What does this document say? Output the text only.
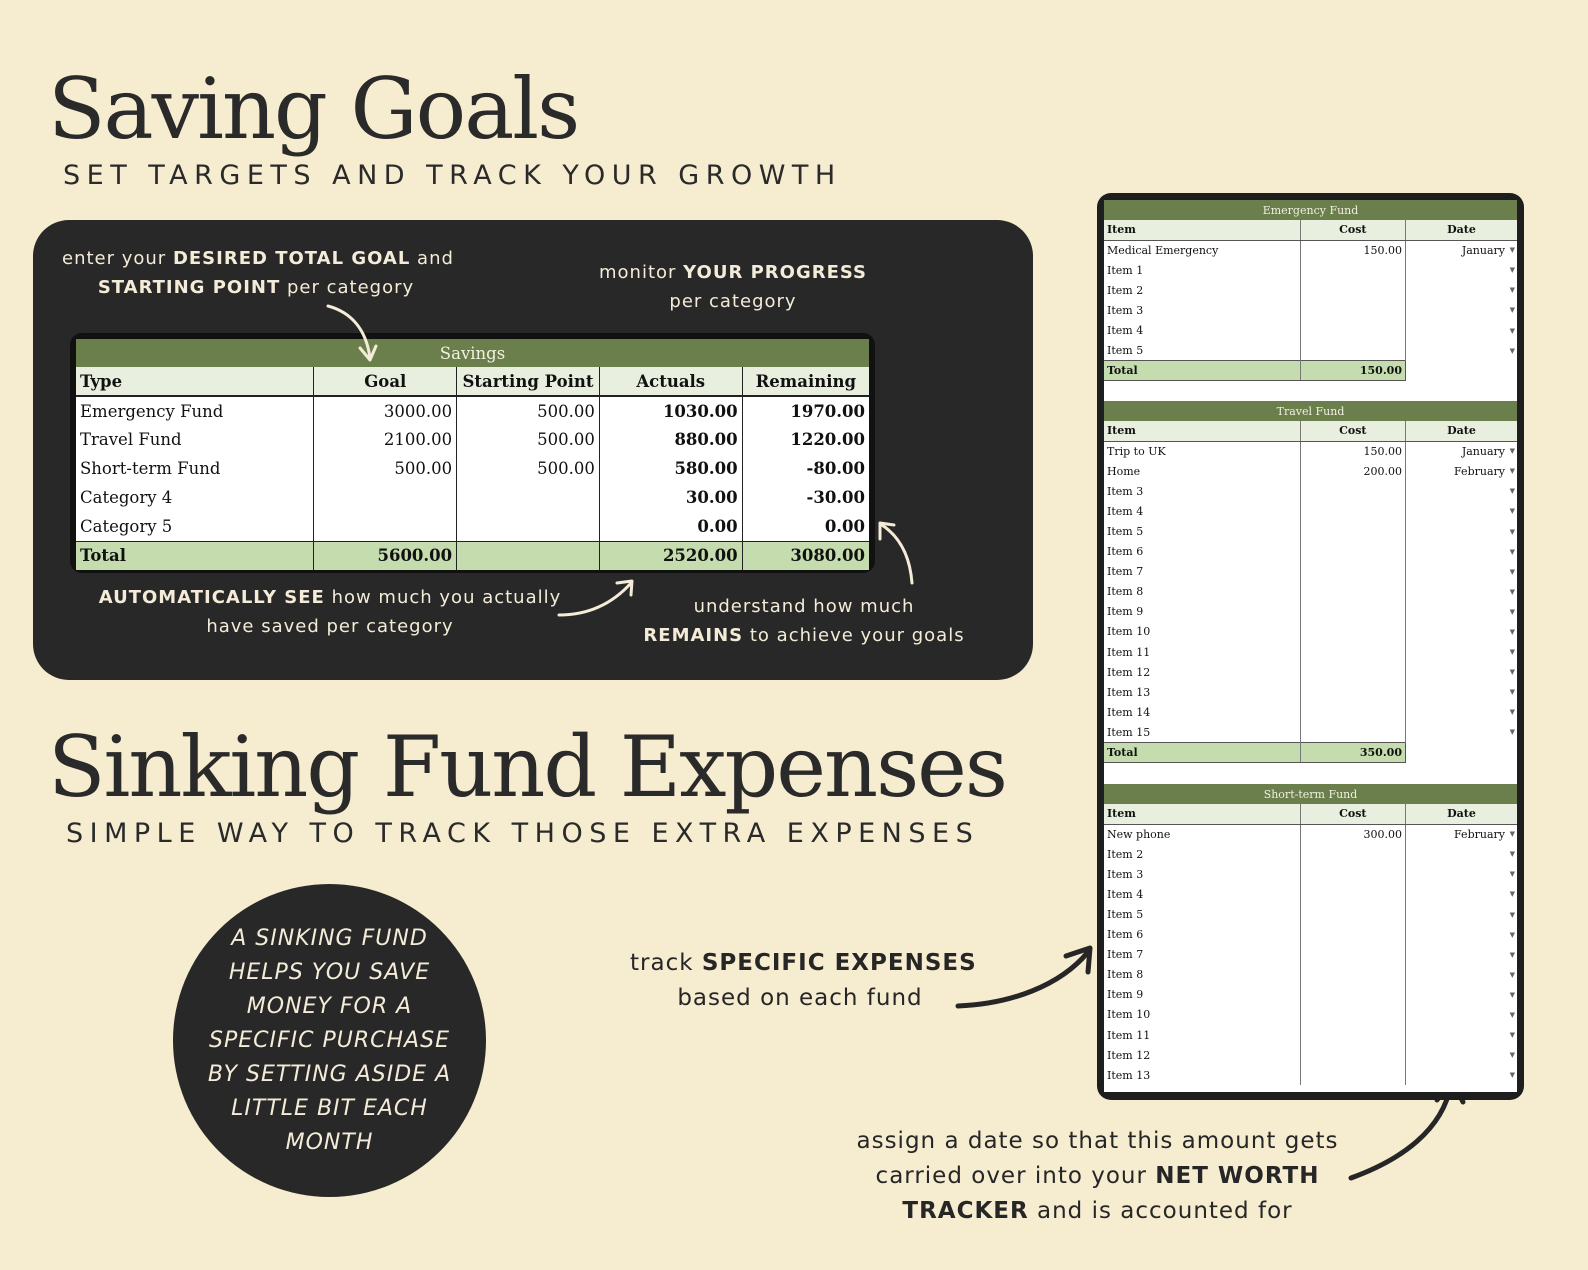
Saving Goals
SET TARGETS AND TRACK YOUR GROWTH
enter your DESIRED TOTAL GOAL and
STARTING POINT per category
monitor YOUR PROGRESS
per category
Savings				
Type	Goal	Starting Point	Actuals	Remaining
Emergency Fund	3000.00	500.00	1030.00	1970.00
Travel Fund	2100.00	500.00	880.00	1220.00
Short-term Fund	500.00	500.00	580.00	-80.00
Category 4			30.00	-30.00
Category 5			0.00	0.00
Total	5600.00		2520.00	3080.00
AUTOMATICALLY SEE how much you actually
have saved per category
understand how much
REMAINS to achieve your goals
Sinking Fund Expenses
SIMPLE WAY TO TRACK THOSE EXTRA EXPENSES
A SINKING FUND HELPS YOU SAVE MONEY FOR A SPECIFIC PURCHASE BY SETTING ASIDE A LITTLE BIT EACH MONTH
track SPECIFIC EXPENSES
based on each fund
assign a date so that this amount gets
carried over into your NET WORTH
TRACKER and is accounted for
Emergency Fund		
Item	Cost	Date
Medical Emergency	150.00	January ▼

Item 1		▼

Item 2		▼

Item 3		▼

Item 4		▼

Item 5		▼

Total	150.00	
Travel Fund		
Item	Cost	Date
Trip to UK	150.00	January ▼

Home	200.00	February ▼

Item 3		▼

Item 4		▼

Item 5		▼

Item 6		▼

Item 7		▼

Item 8		▼

Item 9		▼

Item 10		▼

Item 11		▼

Item 12		▼

Item 13		▼

Item 14		▼

Item 15		▼

Total	350.00	
Short-term Fund		
Item	Cost	Date
New phone	300.00	February ▼

Item 2		▼

Item 3		▼

Item 4		▼

Item 5		▼

Item 6		▼

Item 7		▼

Item 8		▼

Item 9		▼

Item 10		▼

Item 11		▼

Item 12		▼

Item 13		▼
